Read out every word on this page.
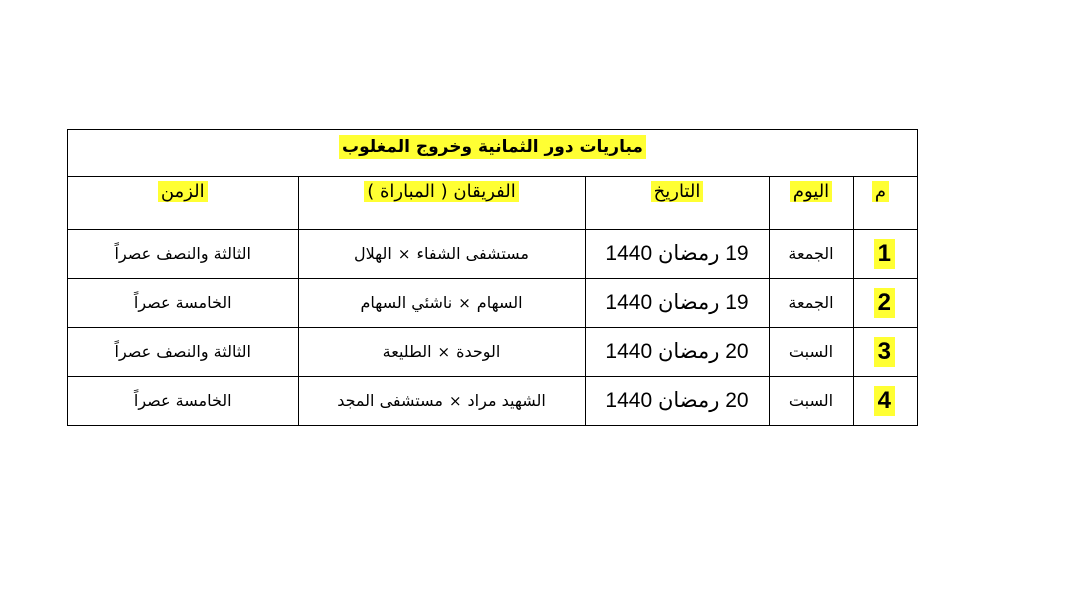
مباريات دور الثمانية وخروج المغلوب
م	اليوم	التاريخ	الفريقان ( المباراة )	الزمن
1	الجمعة	19 رمضان 1440	مستشفى الشفاء×الهلال	الثالثة والنصف عصراً
2	الجمعة	19 رمضان 1440	السهام×ناشئي السهام	الخامسة عصراً
3	السبت	20 رمضان 1440	الوحدة×الطليعة	الثالثة والنصف عصراً
4	السبت	20 رمضان 1440	الشهيد مراد×مستشفى المجد	الخامسة عصراً
